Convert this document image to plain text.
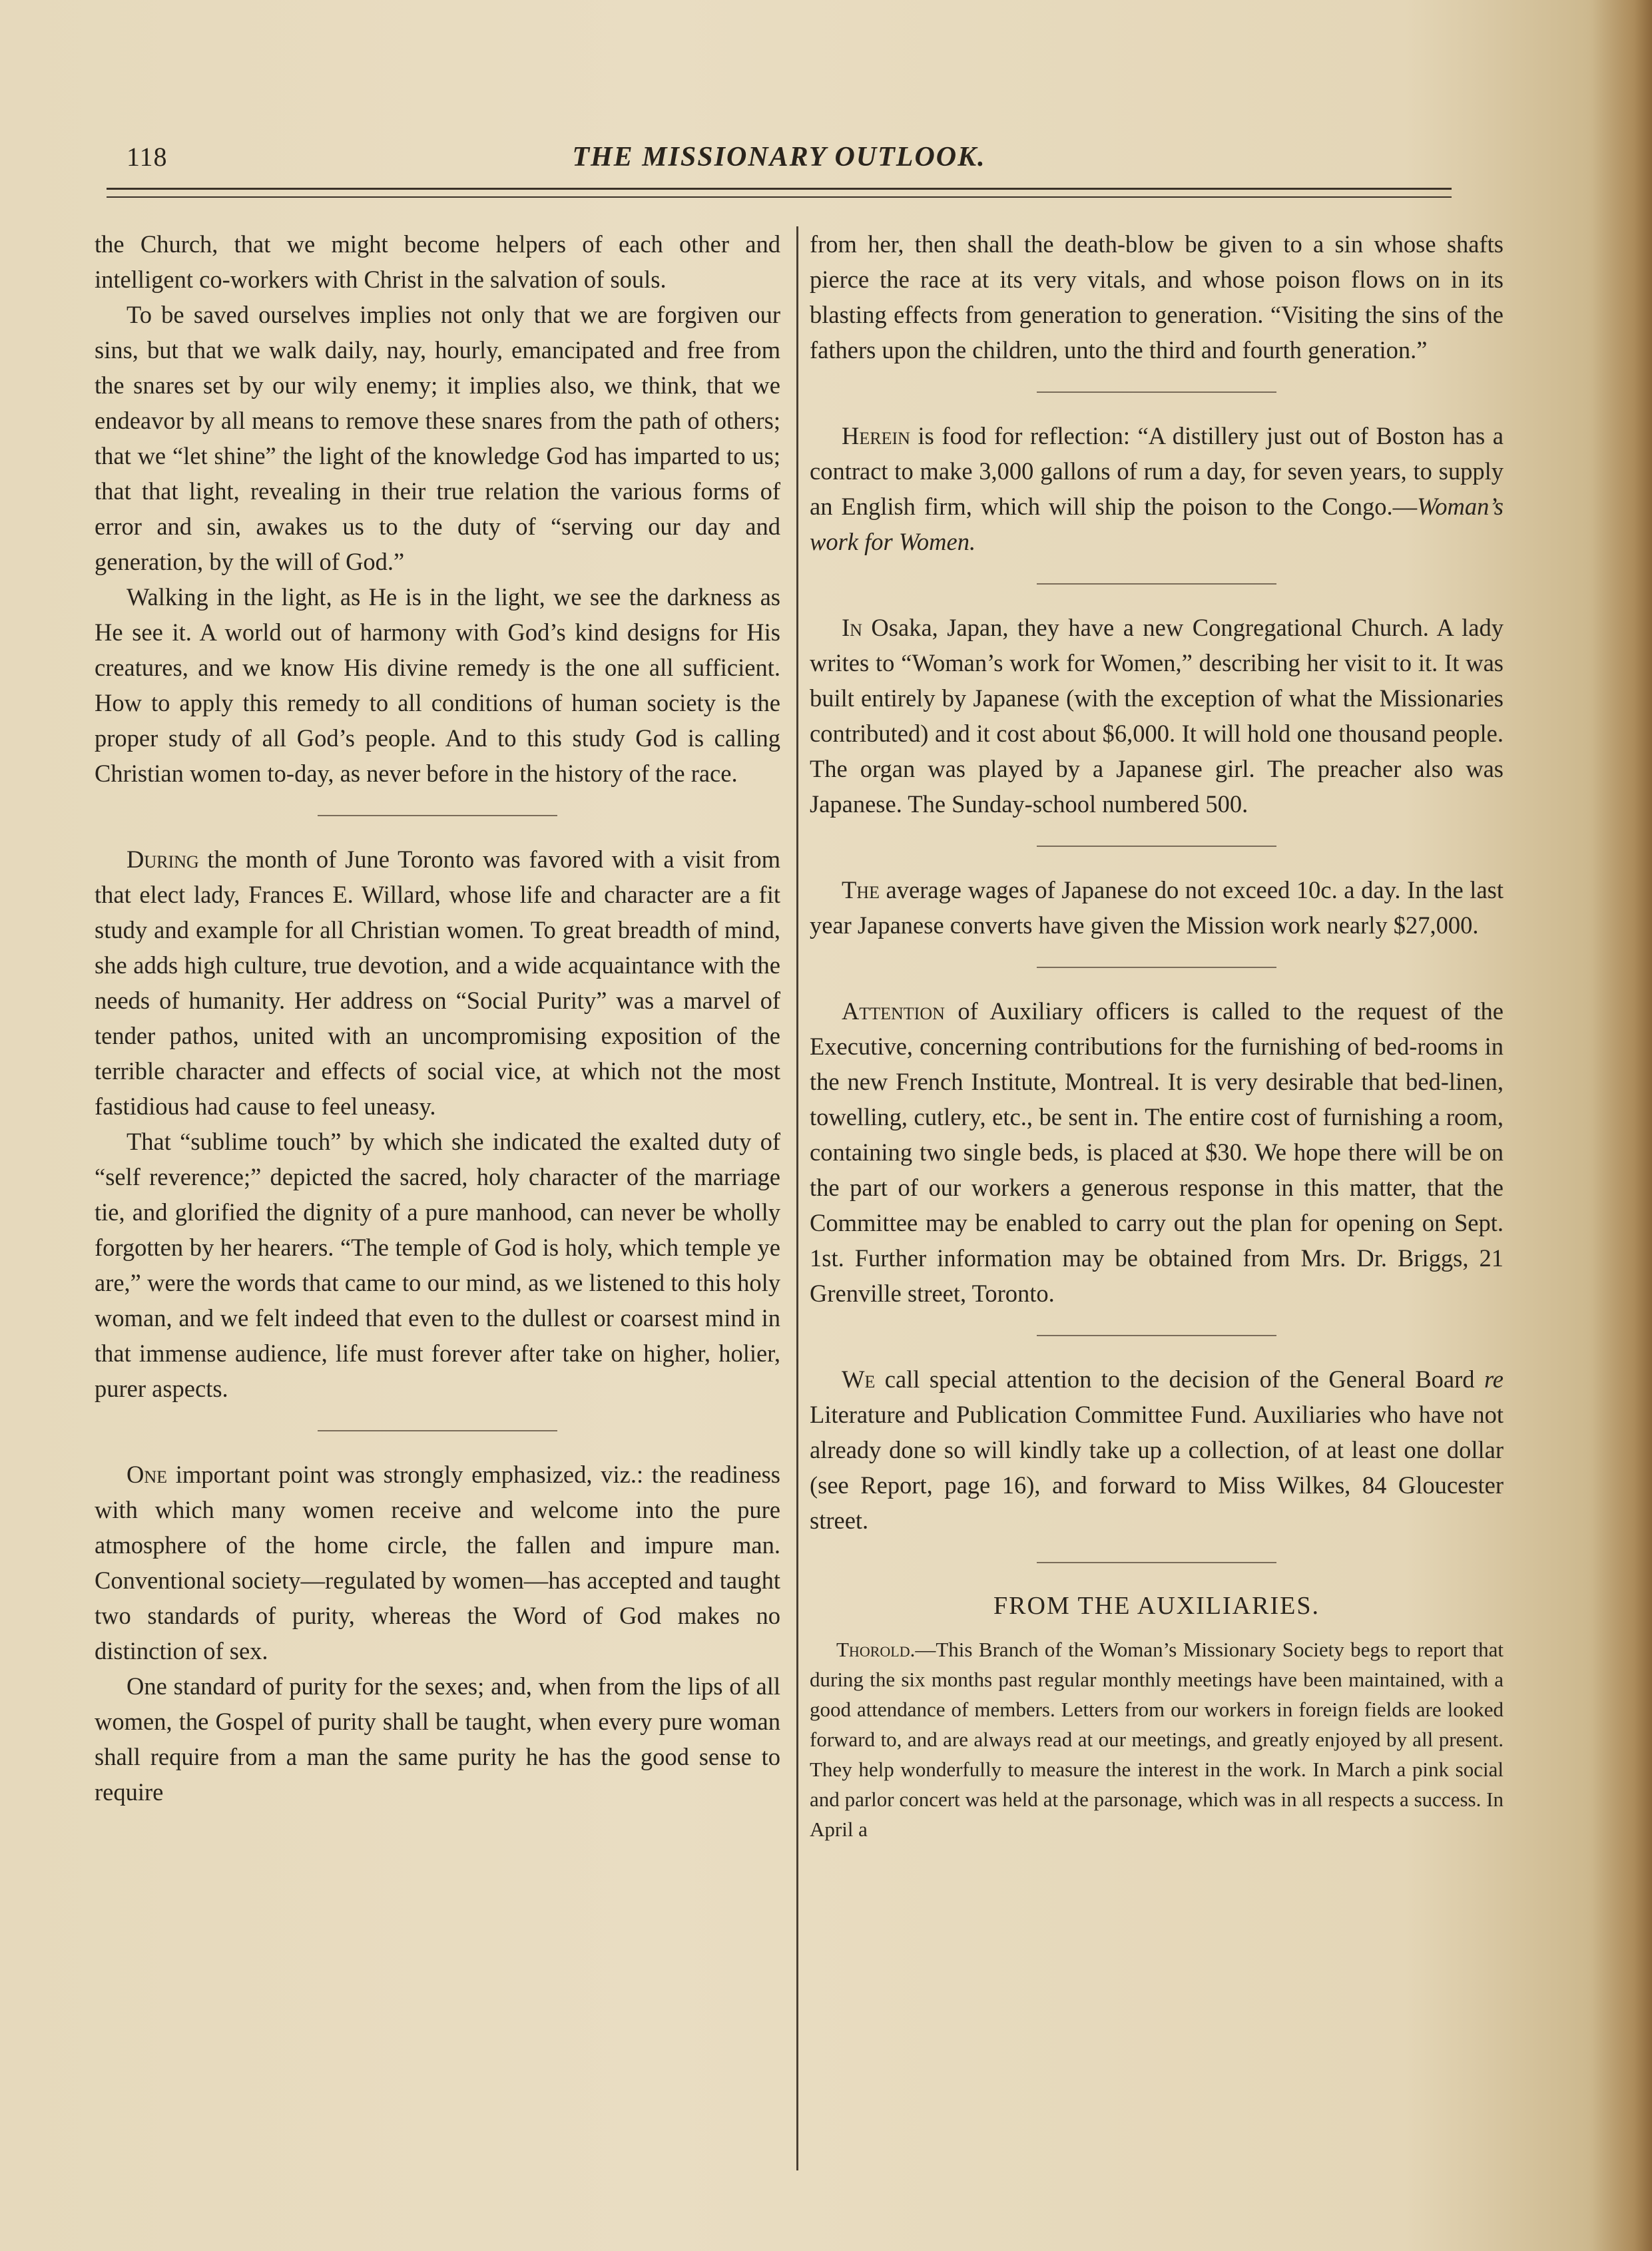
118	THE MISSIONARY OUTLOOK.

the Church, that we might become helpers of each other and intelligent co-workers with Christ in the salvation of souls.

To be saved ourselves implies not only that we are forgiven our sins, but that we walk daily, nay, hourly, emancipated and free from the snares set by our wily enemy; it implies also, we think, that we endeavor by all means to remove these snares from the path of others; that we “let shine” the light of the knowledge God has imparted to us; that that light, revealing in their true relation the various forms of error and sin, awakes us to the duty of “serving our day and generation, by the will of God.”

Walking in the light, as He is in the light, we see the darkness as He see it. A world out of harmony with God’s kind designs for His creatures, and we know His divine remedy is the one all sufficient. How to apply this remedy to all conditions of human society is the proper study of all God’s people. And to this study God is calling Christian women to-day, as never before in the history of the race.

During the month of June Toronto was favored with a visit from that elect lady, Frances E. Willard, whose life and character are a fit study and example for all Christian women. To great breadth of mind, she adds high culture, true devotion, and a wide acquaintance with the needs of humanity. Her address on “Social Purity” was a marvel of tender pathos, united with an uncompromising exposition of the terrible character and effects of social vice, at which not the most fastidious had cause to feel uneasy.

That “sublime touch” by which she indicated the exalted duty of “self reverence;” depicted the sacred, holy character of the marriage tie, and glorified the dignity of a pure manhood, can never be wholly forgotten by her hearers. “The temple of God is holy, which temple ye are,” were the words that came to our mind, as we listened to this holy woman, and we felt indeed that even to the dullest or coarsest mind in that immense audience, life must forever after take on higher, holier, purer aspects.

One important point was strongly emphasized, viz.: the readiness with which many women receive and welcome into the pure atmosphere of the home circle, the fallen and impure man. Conventional society—regulated by women—has accepted and taught two standards of purity, whereas the Word of God makes no distinction of sex.

One standard of purity for the sexes; and, when from the lips of all women, the Gospel of purity shall be taught, when every pure woman shall require from a man the same purity he has the good sense to require

from her, then shall the death-blow be given to a sin whose shafts pierce the race at its very vitals, and whose poison flows on in its blasting effects from generation to generation. “Visiting the sins of the fathers upon the children, unto the third and fourth generation.”

Herein is food for reflection: “A distillery just out of Boston has a contract to make 3,000 gallons of rum a day, for seven years, to supply an English firm, which will ship the poison to the Congo.—Woman’s work for Women.

In Osaka, Japan, they have a new Congregational Church. A lady writes to “Woman’s work for Women,” describing her visit to it. It was built entirely by Japanese (with the exception of what the Missionaries contributed) and it cost about $6,000. It will hold one thousand people. The organ was played by a Japanese girl. The preacher also was Japanese. The Sunday-school numbered 500.

The average wages of Japanese do not exceed 10c. a day. In the last year Japanese converts have given the Mission work nearly $27,000.

Attention of Auxiliary officers is called to the request of the Executive, concerning contributions for the furnishing of bed-rooms in the new French Institute, Montreal. It is very desirable that bed-linen, towelling, cutlery, etc., be sent in. The entire cost of furnishing a room, containing two single beds, is placed at $30. We hope there will be on the part of our workers a generous response in this matter, that the Committee may be enabled to carry out the plan for opening on Sept. 1st. Further information may be obtained from Mrs. Dr. Briggs, 21 Grenville street, Toronto.

We call special attention to the decision of the General Board re Literature and Publication Committee Fund. Auxiliaries who have not already done so will kindly take up a collection, of at least one dollar (see Report, page 16), and forward to Miss Wilkes, 84 Gloucester street.

FROM THE AUXILIARIES.

Thorold.—This Branch of the Woman’s Missionary Society begs to report that during the six months past regular monthly meetings have been maintained, with a good attendance of members. Letters from our workers in foreign fields are looked forward to, and are always read at our meetings, and greatly enjoyed by all present. They help wonderfully to measure the interest in the work. In March a pink social and parlor concert was held at the parsonage, which was in all respects a success. In April a
